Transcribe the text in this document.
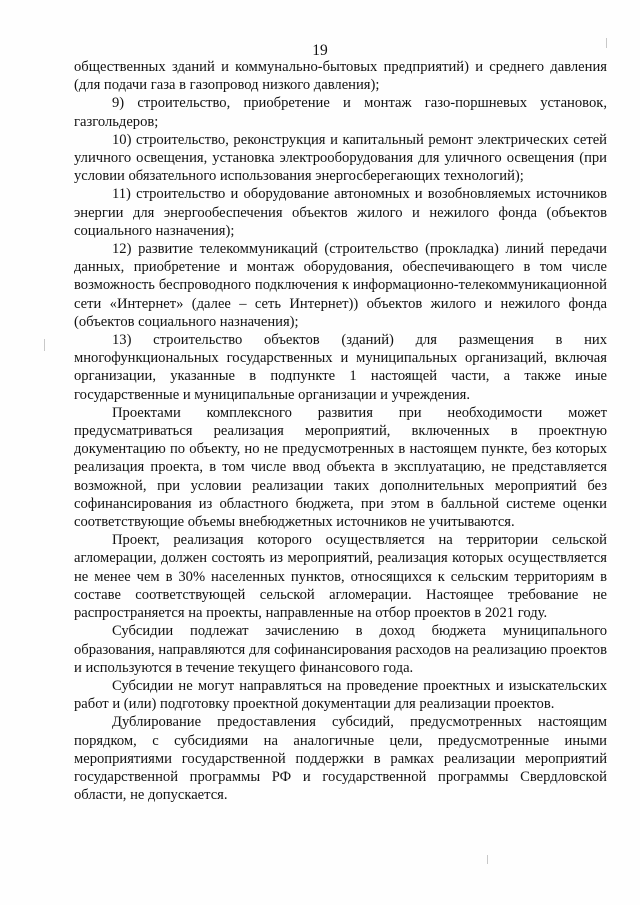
19

общественных зданий и коммунально-бытовых предприятий) и среднего давления (для подачи газа в газопровод низкого давления);

9) строительство, приобретение и монтаж газо-поршневых установок, газгольдеров;

10) строительство, реконструкция и капитальный ремонт электрических сетей уличного освещения, установка электрооборудования для уличного освещения (при условии обязательного использования энергосберегающих технологий);

11) строительство и оборудование автономных и возобновляемых источников энергии для энергообеспечения объектов жилого и нежилого фонда (объектов социального назначения);

12) развитие телекоммуникаций (строительство (прокладка) линий передачи данных, приобретение и монтаж оборудования, обеспечивающего в том числе возможность беспроводного подключения к информационно-телекоммуникационной сети «Интернет» (далее – сеть Интернет)) объектов жилого и нежилого фонда (объектов социального назначения);

13) строительство объектов (зданий) для размещения в них многофункциональных государственных и муниципальных организаций, включая организации, указанные в подпункте 1 настоящей части, а также иные государственные и муниципальные организации и учреждения.

Проектами комплексного развития при необходимости может предусматриваться реализация мероприятий, включенных в проектную документацию по объекту, но не предусмотренных в настоящем пункте, без которых реализация проекта, в том числе ввод объекта в эксплуатацию, не представляется возможной, при условии реализации таких дополнительных мероприятий без софинансирования из областного бюджета, при этом в балльной системе оценки соответствующие объемы внебюджетных источников не учитываются.

Проект, реализация которого осуществляется на территории сельской агломерации, должен состоять из мероприятий, реализация которых осуществляется не менее чем в 30% населенных пунктов, относящихся к сельским территориям в составе соответствующей сельской агломерации. Настоящее требование не распространяется на проекты, направленные на отбор проектов в 2021 году.

Субсидии подлежат зачислению в доход бюджета муниципального образования, направляются для софинансирования расходов на реализацию проектов и используются в течение текущего финансового года.

Субсидии не могут направляться на проведение проектных и изыскательских работ и (или) подготовку проектной документации для реализации проектов.

Дублирование предоставления субсидий, предусмотренных настоящим порядком, с субсидиями на аналогичные цели, предусмотренные иными мероприятиями государственной поддержки в рамках реализации мероприятий государственной программы РФ и государственной программы Свердловской области, не допускается.
